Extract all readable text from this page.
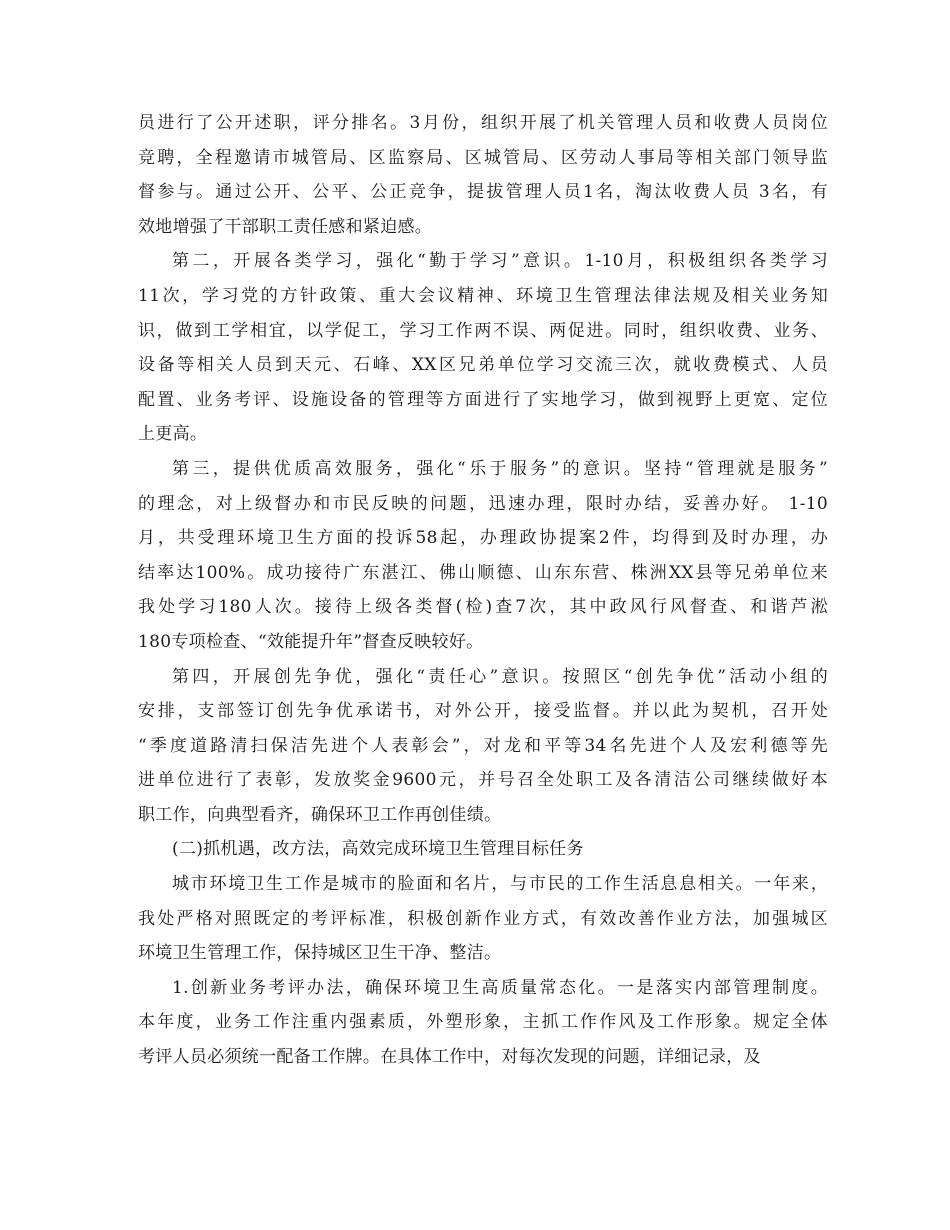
员进行了公开述职，评分排名。3月份，组织开展了机关管理人员和收费人员岗位
竞聘，全程邀请市城管局、区监察局、区城管局、区劳动人事局等相关部门领导监
督参与。通过公开、公平、公正竞争，提拔管理人员1名，淘汰收费人员 3名，有
效地增强了干部职工责任感和紧迫感。
第二，开展各类学习，强化“勤于学习”意识。1-10月，积极组织各类学习
11次，学习党的方针政策、重大会议精神、环境卫生管理法律法规及相关业务知
识，做到工学相宜，以学促工，学习工作两不误、两促进。同时，组织收费、业务、
设备等相关人员到天元、石峰、XX区兄弟单位学习交流三次，就收费模式、人员
配置、业务考评、设施设备的管理等方面进行了实地学习，做到视野上更宽、定位
上更高。
第三，提供优质高效服务，强化“乐于服务”的意识。坚持“管理就是服务”
的理念，对上级督办和市民反映的问题，迅速办理，限时办结，妥善办好。 1-10
月，共受理环境卫生方面的投诉58起，办理政协提案2件，均得到及时办理，办
结率达100%。成功接待广东湛江、佛山顺德、山东东营、株洲XX县等兄弟单位来
我处学习180人次。接待上级各类督(检)查7次，其中政风行风督查、和谐芦淞
180专项检查、“效能提升年”督查反映较好。
第四，开展创先争优，强化“责任心”意识。按照区“创先争优”活动小组的
安排，支部签订创先争优承诺书，对外公开，接受监督。并以此为契机，召开处
“季度道路清扫保洁先进个人表彰会”，对龙和平等34名先进个人及宏利德等先
进单位进行了表彰，发放奖金9600元，并号召全处职工及各清洁公司继续做好本
职工作，向典型看齐，确保环卫工作再创佳绩。
(二)抓机遇，改方法，高效完成环境卫生管理目标任务
城市环境卫生工作是城市的脸面和名片，与市民的工作生活息息相关。一年来，
我处严格对照既定的考评标准，积极创新作业方式，有效改善作业方法，加强城区
环境卫生管理工作，保持城区卫生干净、整洁。
1.创新业务考评办法，确保环境卫生高质量常态化。一是落实内部管理制度。
本年度，业务工作注重内强素质，外塑形象，主抓工作作风及工作形象。规定全体
考评人员必须统一配备工作牌。在具体工作中，对每次发现的问题，详细记录，及
